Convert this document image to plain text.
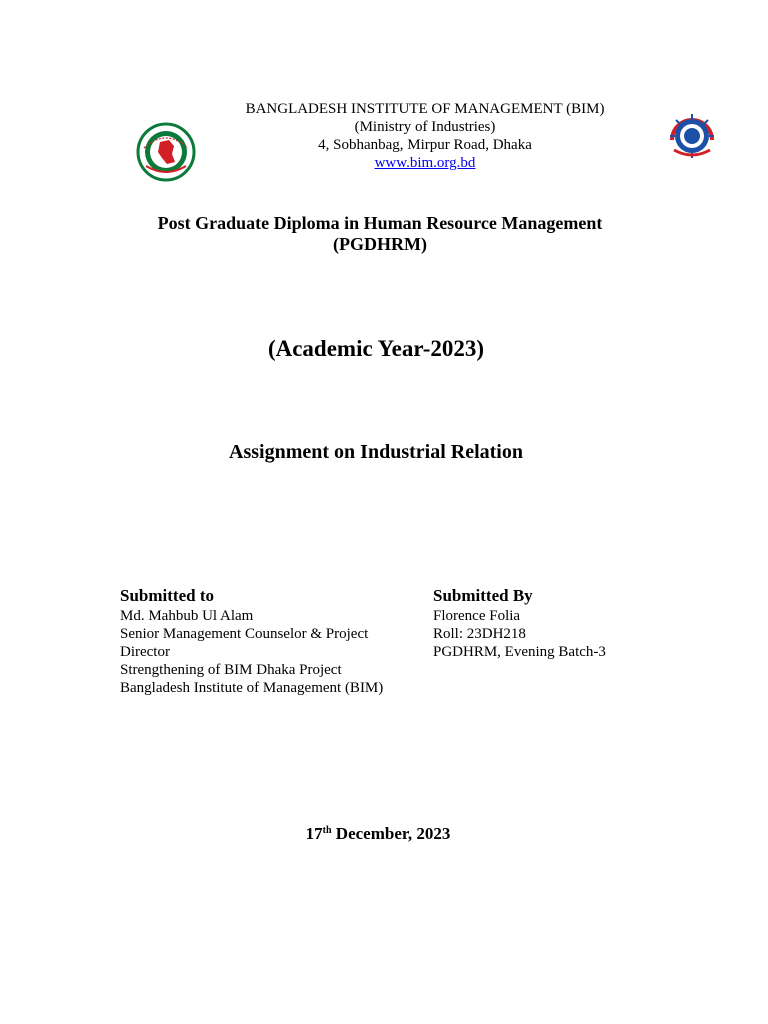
BANGLADESH INSTITUTE OF MANAGEMENT (BIM)
(Ministry of Industries)
4, Sobhanbag, Mirpur Road, Dhaka
www.bim.org.bd
Post Graduate Diploma in Human Resource Management
(PGDHRM)
(Academic Year-2023)
Assignment on Industrial Relation
Submitted to
Md. Mahbub Ul Alam
Senior Management Counselor & Project
Director
Strengthening of BIM Dhaka Project
Bangladesh Institute of Management (BIM)
Submitted By
Florence Folia
Roll: 23DH218
PGDHRM, Evening Batch-3
17th December, 2023
